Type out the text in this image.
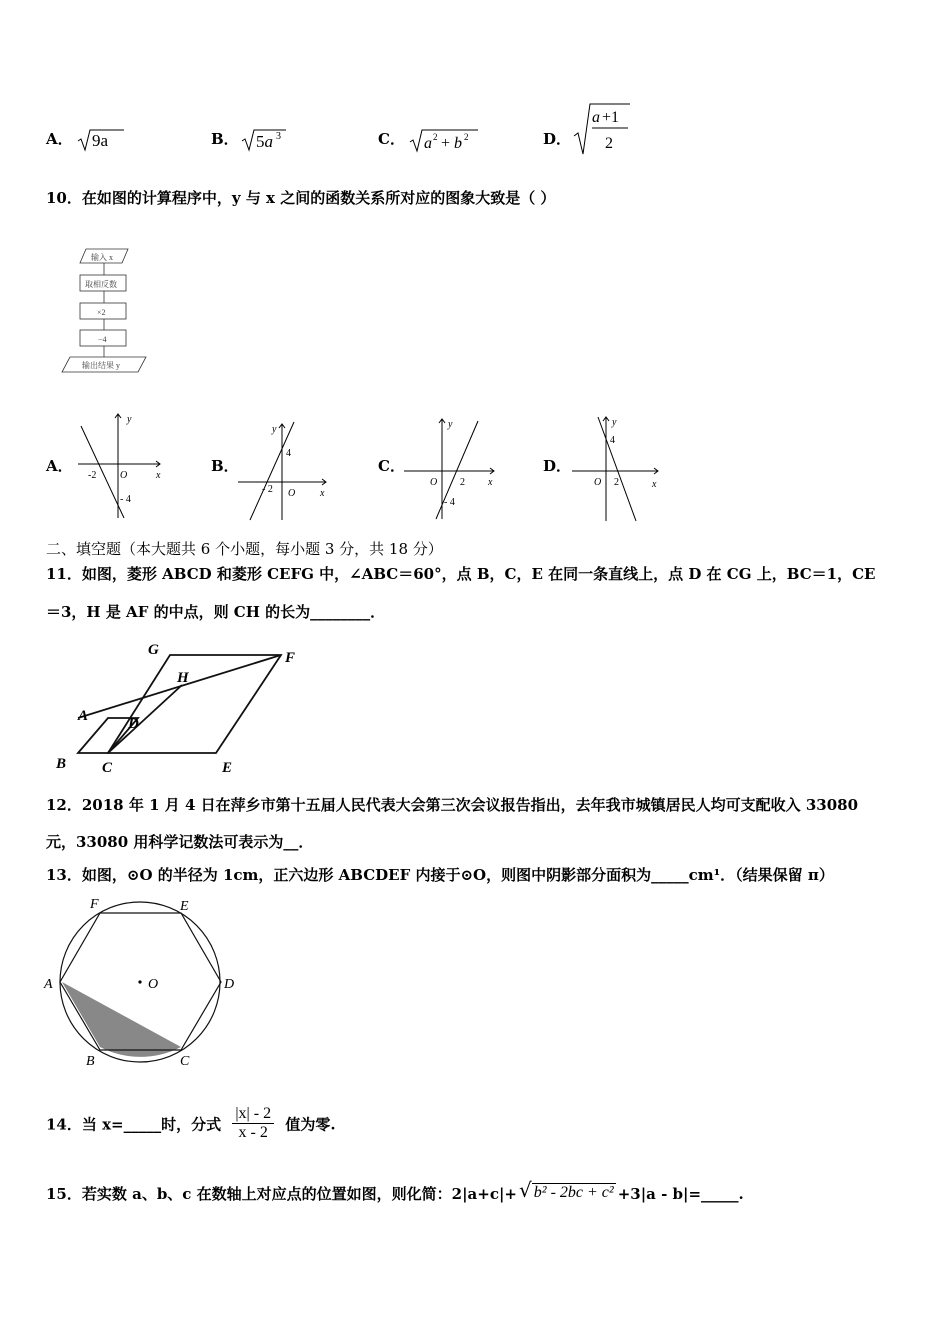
A． 9a	B． 5a 3	C． a 2 + b 2	D．
a +1
2
10．在如图的计算程序中，y 与 x 之间的函数关系所对应的图象大致是（ ）
输入 x
取相反数
×2
−4
输出结果 y
A．
y
x
O
-2
- 4
B．
y
x
O
4
- 2
C．
y
x
O 2
- 4
D．
y
x
O
4
2
二、填空题（本大题共 6 个小题，每小题 3 分，共 18 分）
11．如图，菱形 ABCD 和菱形 CEFG 中，∠ABC＝60°，点 B，C，E 在同一条直线上，点 D 在 CG 上，BC＝1，CE
＝3，H 是 AF 的中点，则 CH 的长为________．
G	F
H
A	D
B C	E
12．2018 年 1 月 4 日在萍乡市第十五届人民代表大会第三次会议报告指出，去年我市城镇居民人均可支配收入 33080
元，33080 用科学记数法可表示为__．
13．如图，⊙O 的半径为 1cm，正六边形 ABCDEF 内接于⊙O，则图中阴影部分面积为_____cm¹．（结果保留 π）
F	E
A	O	D
B	C
14．当 x=_____时，分式 $\frac{|x| - 2}{x - 2}$ 值为零.
15．若实数 a、b、c 在数轴上对应点的位置如图，则化简：2|a+c|+ √ b² - 2bc + c² +3|a - b|=_____.
